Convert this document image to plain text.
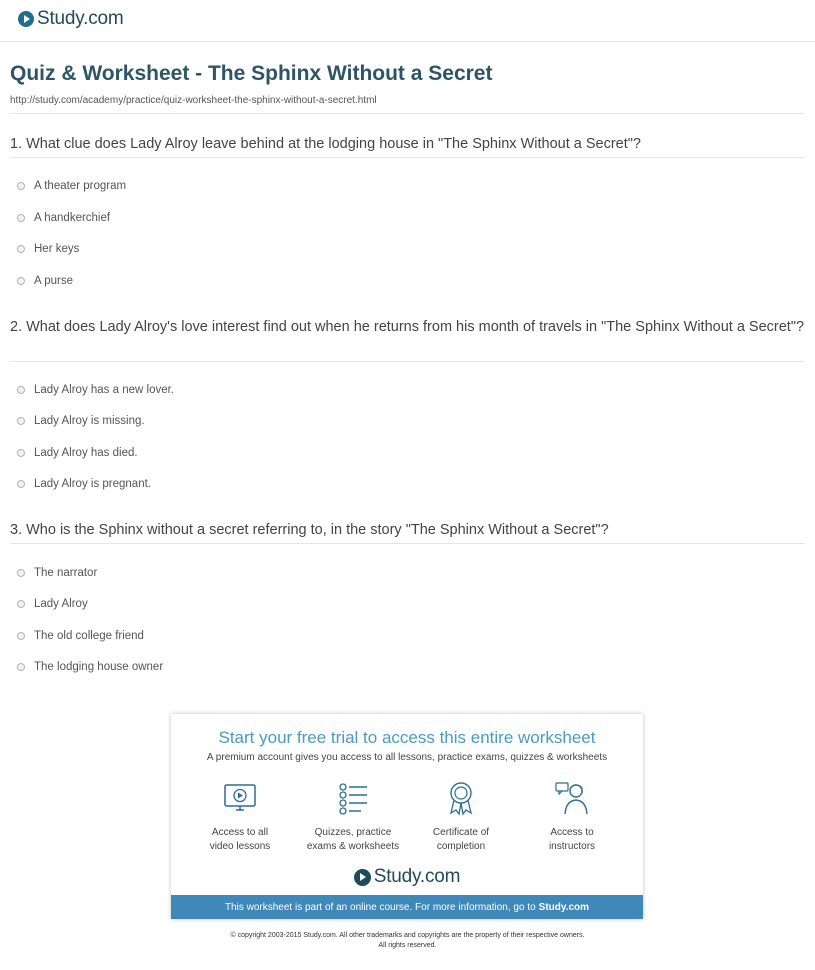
Study.com
Quiz & Worksheet - The Sphinx Without a Secret
http://study.com/academy/practice/quiz-worksheet-the-sphinx-without-a-secret.html
1. What clue does Lady Alroy leave behind at the lodging house in "The Sphinx Without a Secret"?
A theater program
A handkerchief
Her keys
A purse
2. What does Lady Alroy's love interest find out when he returns from his month of travels in "The Sphinx Without a Secret"?
Lady Alroy has a new lover.
Lady Alroy is missing.
Lady Alroy has died.
Lady Alroy is pregnant.
3. Who is the Sphinx without a secret referring to, in the story "The Sphinx Without a Secret"?
The narrator
Lady Alroy
The old college friend
The lodging house owner
Start your free trial to access this entire worksheet
A premium account gives you access to all lessons, practice exams, quizzes & worksheets
Access to all
video lessons
Quizzes, practice
exams & worksheets
Certificate of
completion
Access to
instructors
Study.com
This worksheet is part of an online course. For more information, go to Study.com
© copyright 2003-2015 Study.com. All other trademarks and copyrights are the property of their respective owners.
All rights reserved.
